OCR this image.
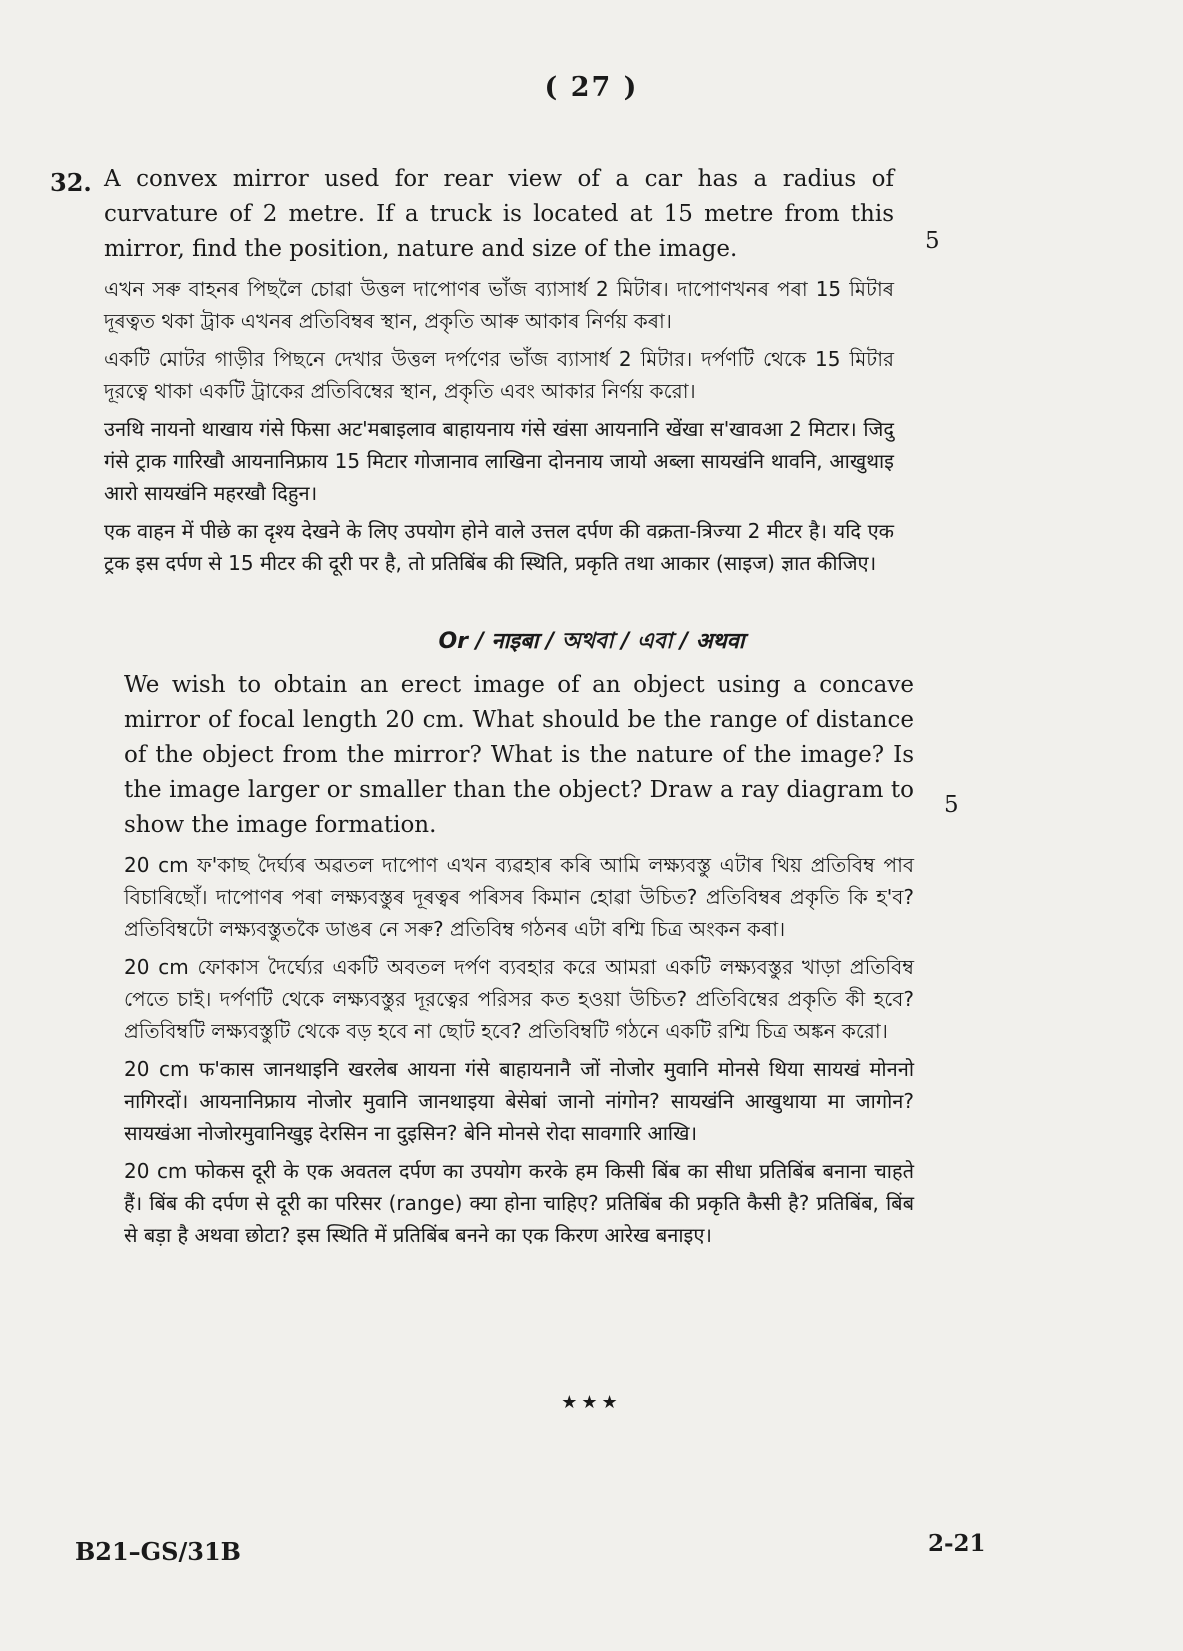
( 27 )
32. A convex mirror used for rear view of a car has a radius of curvature of 2 metre. If a truck is located at 15 metre from this mirror, find the position, nature and size of the image.

এখন সৰু বাহনৰ পিছলৈ চোৱা উত্তল দাপোণৰ ভাঁজ ব্যাসাৰ্ধ 2 মিটাৰ। দাপোণখনৰ পৰা 15 মিটাৰ দূৰত্বত থকা ট্ৰাক এখনৰ প্ৰতিবিম্বৰ স্থান, প্ৰকৃতি আৰু আকাৰ নিৰ্ণয় কৰা।

একটি মোটর গাড়ীর পিছনে দেখার উত্তল দর্পণের ভাঁজ ব্যাসার্ধ 2 মিটার। দর্পণটি থেকে 15 মিটার দূরত্বে থাকা একটি ট্রাকের প্রতিবিম্বের স্থান, প্রকৃতি এবং আকার নির্ণয় করো।

उनथि नायनो थाखाय गंसे फिसा अट'मबाइलाव बाहायनाय गंसे खंसा आयनानि खेंखा स'खावआ 2 मिटार। जिदु गंसे ट्राक गारिखौ आयनानिफ्राय 15 मिटार गोजानाव लाखिना दोननाय जायो अब्ला सायखंनि थावनि, आखुथाइ आरो सायखंनि महरखौ दिहुन।

एक वाहन में पीछे का दृश्य देखने के लिए उपयोग होने वाले उत्तल दर्पण की वक्रता-त्रिज्या 2 मीटर है। यदि एक ट्रक इस दर्पण से 15 मीटर की दूरी पर है, तो प्रतिबिंब की स्थिति, प्रकृति तथा आकार (साइज) ज्ञात कीजिए।

5
Or / नाइबा / অথবা / এবা / अथवा

We wish to obtain an erect image of an object using a concave mirror of focal length 20 cm. What should be the range of distance of the object from the mirror? What is the nature of the image? Is the image larger or smaller than the object? Draw a ray diagram to show the image formation.

20 cm ফ'কাছ দৈৰ্ঘ্যৰ অৱতল দাপোণ এখন ব্যৱহাৰ কৰি আমি লক্ষ্যবস্তু এটাৰ থিয় প্ৰতিবিম্ব পাব বিচাৰিছোঁ। দাপোণৰ পৰা লক্ষ্যবস্তুৰ দূৰত্বৰ পৰিসৰ কিমান হোৱা উচিত? প্ৰতিবিম্বৰ প্ৰকৃতি কি হ'ব? প্ৰতিবিম্বটো লক্ষ্যবস্তুতকৈ ডাঙৰ নে সৰু? প্ৰতিবিম্ব গঠনৰ এটা ৰশ্মি চিত্ৰ অংকন কৰা।

20 cm ফোকাস দৈর্ঘ্যের একটি অবতল দর্পণ ব্যবহার করে আমরা একটি লক্ষ্যবস্তুর খাড়া প্রতিবিম্ব পেতে চাই। দর্পণটি থেকে লক্ষ্যবস্তুর দূরত্বের পরিসর কত হওয়া উচিত? প্রতিবিম্বের প্রকৃতি কী হবে? প্রতিবিম্বটি লক্ষ্যবস্তুটি থেকে বড় হবে না ছোট হবে? প্রতিবিম্বটি গঠনে একটি রশ্মি চিত্র অঙ্কন করো।

20 cm फ'कास जानथाइनि खरलेब आयना गंसे बाहायनानै जों नोजोर मुवानि मोनसे थिया सायखं मोननो नागिरदों। आयनानिफ्राय नोजोर मुवानि जानथाइया बेसेबां जानो नांगोन? सायखंनि आखुथाया मा जागोन? सायखंआ नोजोरमुवानिखुइ देरसिन ना दुइसिन? बेनि मोनसे रोदा सावगारि आखि।

20 cm फोकस दूरी के एक अवतल दर्पण का उपयोग करके हम किसी बिंब का सीधा प्रतिबिंब बनाना चाहते हैं। बिंब की दर्पण से दूरी का परिसर (range) क्या होना चाहिए? प्रतिबिंब की प्रकृति कैसी है? प्रतिबिंब, बिंब से बड़ा है अथवा छोटा? इस स्थिति में प्रतिबिंब बनने का एक किरण आरेख बनाइए।

5
★★★
B21–GS/31B	2-21
